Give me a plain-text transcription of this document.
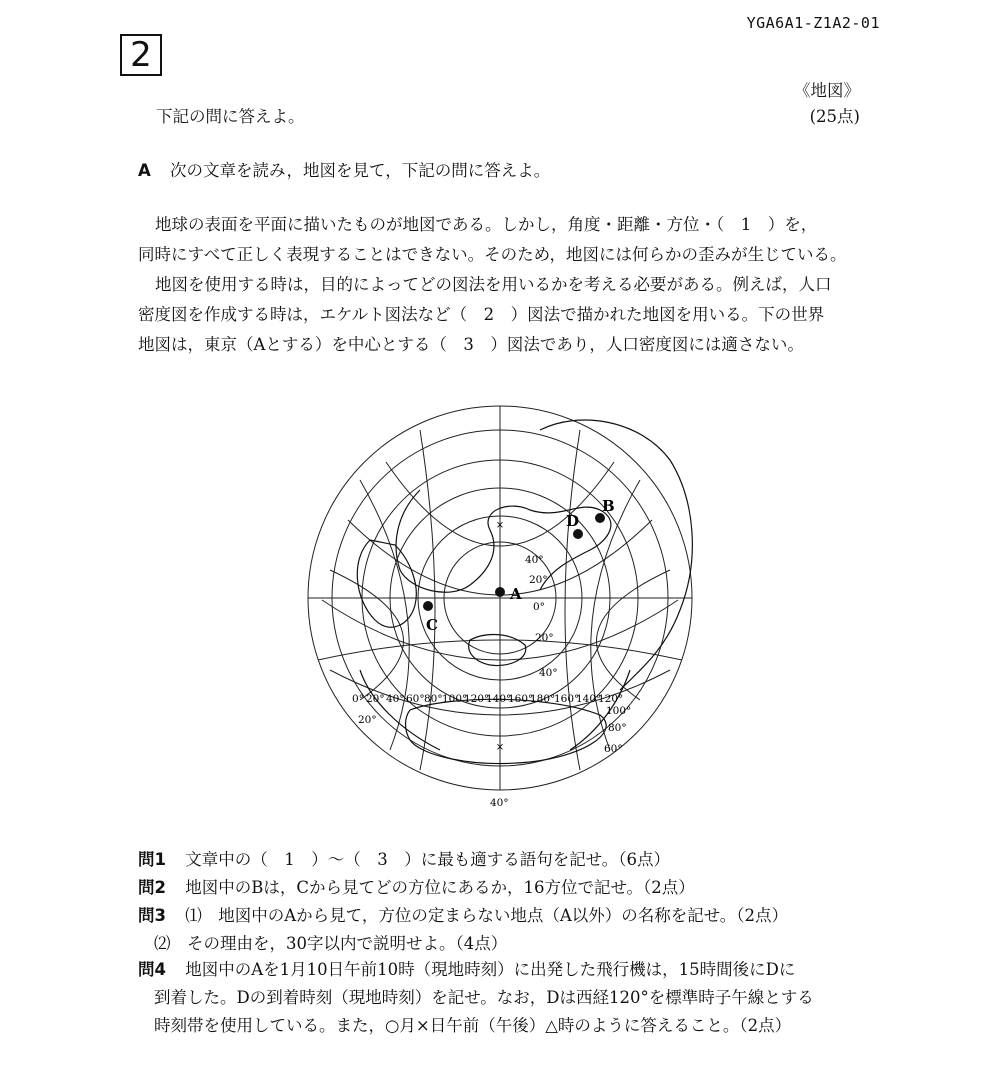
YGA6A1-Z1A2-01
2
《地図》
下記の問に答えよ。	(25点)
A 次の文章を読み，地図を見て，下記の問に答えよ。

地球の表面を平面に描いたものが地図である。しかし，角度・距離・方位・（　1　）を，

同時にすべて正しく表現することはできない。そのため，地図には何らかの歪みが生じている。

地図を使用する時は，目的によってどの図法を用いるかを考える必要がある。例えば，人口

密度図を作成する時は，エケルト図法など（　2　）図法で描かれた地図を用いる。下の世界

地図は，東京（Aとする）を中心とする（　3　）図法であり，人口密度図には適さない。

×
×
A
D
B
C
40°
20°
0°
20°
40°
100°
80°
60°
20°
40°
0° 20° 40° 60° 80° 100°
120°
140°
160°
180°
160°
140°
120°
問1 文章中の（　1　）～（　3　）に最も適する語句を記せ。（6点）
問2 地図中のBは，Cから見てどの方位にあるか，16方位で記せ。（2点）
問3 ⑴　地図中のAから見て，方位の定まらない地点（A以外）の名称を記せ。（2点）
⑵　その理由を，30字以内で説明せよ。（4点）
問4 地図中のAを1月10日午前10時（現地時刻）に出発した飛行機は，15時間後にDに
到着した。Dの到着時刻（現地時刻）を記せ。なお，Dは西経120°を標準時子午線とする
時刻帯を使用している。また，○月×日午前（午後）△時のように答えること。（2点）
